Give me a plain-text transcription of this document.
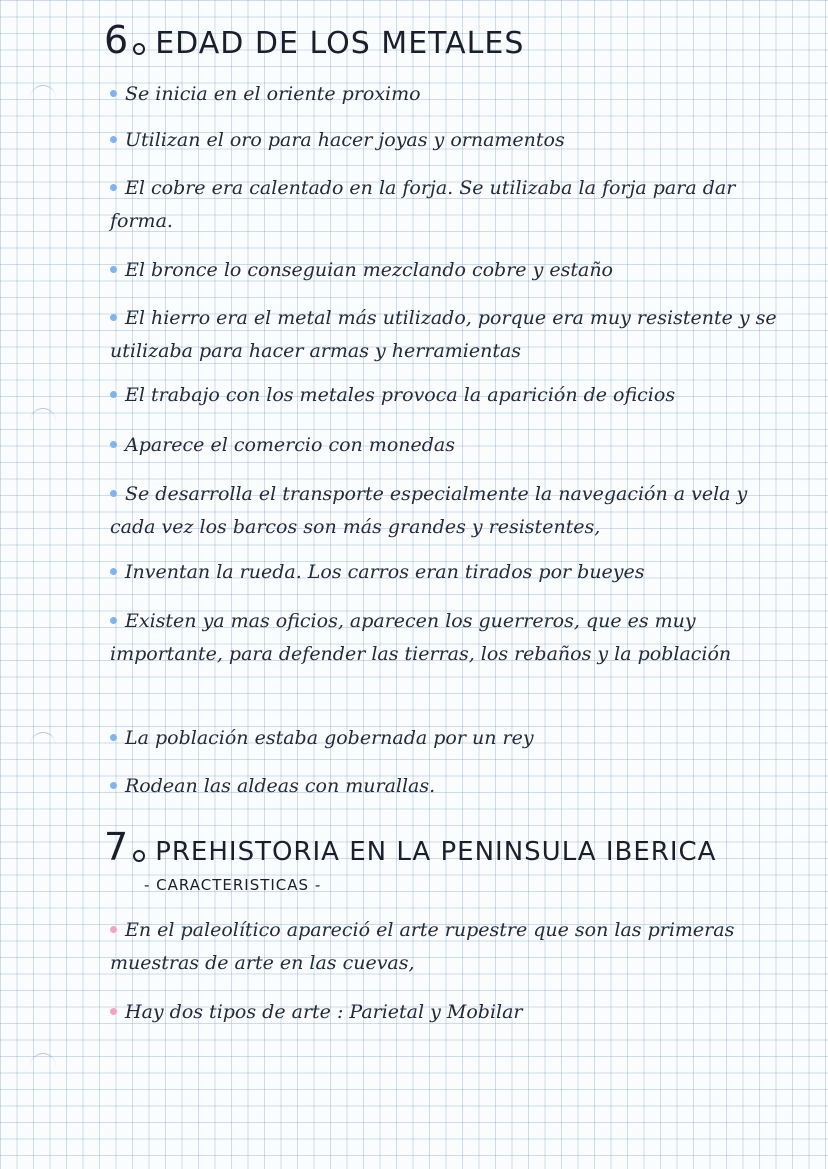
6 EDAD DE LOS METALES

Se inicia en el oriente proximo

Utilizan el oro para hacer joyas y ornamentos

El cobre era calentado en la forja. Se utilizaba la forja para dar forma.

El bronce lo conseguian mezclando cobre y estaño

El hierro era el metal más utilizado, porque era muy resistente y se utilizaba para hacer armas y herramientas

El trabajo con los metales provoca la aparición de oficios

Aparece el comercio con monedas

Se desarrolla el transporte especialmente la navegación a vela y cada vez los barcos son más grandes y resistentes,

Inventan la rueda. Los carros eran tirados por bueyes

Existen ya mas oficios, aparecen los guerreros, que es muy importante, para defender las tierras, los rebaños y la población

La población estaba gobernada por un rey

Rodean las aldeas con murallas.

7 PREHISTORIA EN LA PENINSULA IBERICA

- CARACTERISTICAS -

En el paleolítico apareció el arte rupestre que son las primeras muestras de arte en las cuevas,

Hay dos tipos de arte : Parietal y Mobilar
